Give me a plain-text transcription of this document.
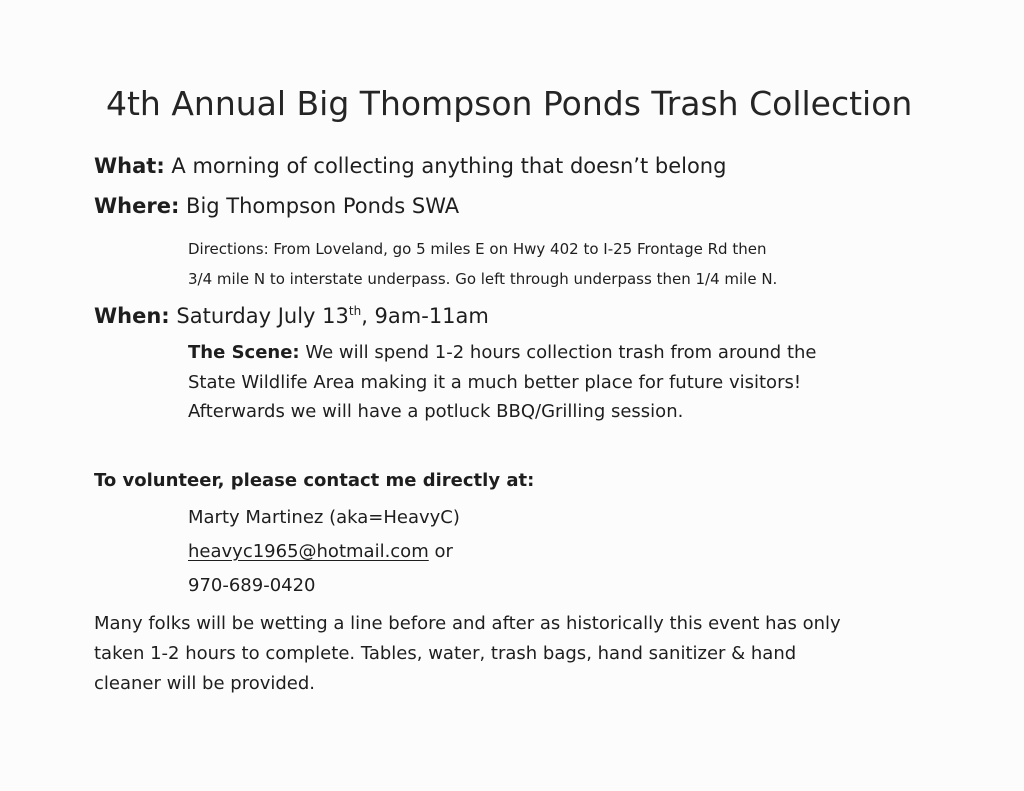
4th Annual Big Thompson Ponds Trash Collection
What: A morning of collecting anything that doesn’t belong
Where: Big Thompson Ponds SWA
Directions: From Loveland, go 5 miles E on Hwy 402 to I-25 Frontage Rd then
3/4 mile N to interstate underpass. Go left through underpass then 1/4 mile N.
When: Saturday July 13th, 9am-11am
The Scene: We will spend 1-2 hours collection trash from around the
State Wildlife Area making it a much better place for future visitors!
Afterwards we will have a potluck BBQ/Grilling session.
To volunteer, please contact me directly at:
Marty Martinez (aka=HeavyC)
heavyc1965@hotmail.com or
970-689-0420
Many folks will be wetting a line before and after as historically this event has only
taken 1-2 hours to complete. Tables, water, trash bags, hand sanitizer & hand
cleaner will be provided.
